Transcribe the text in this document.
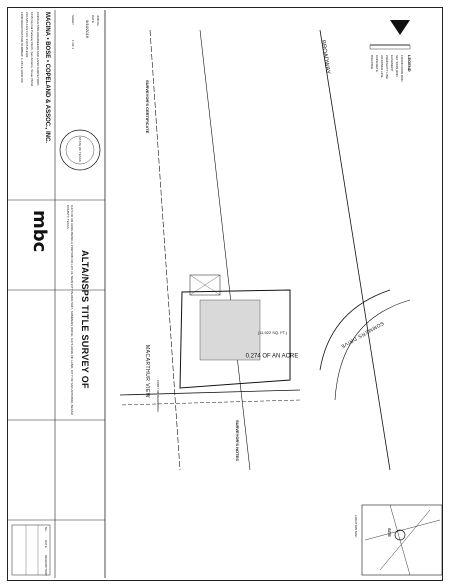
BROADWAY
SOMMERS DRIVE
MACARTHUR VIEW	0.274 OF AN ACRE
(11,922 SQ. FT.)
POINT OF BEGINNING
ALTA/NSPS TITLE SURVEY OF
0.274 OF AN ACRE BEING A PORTION OF LOT 31, NEW CITY BLOCK 5947, SOMMERS DRIVE, 0.274 ACRE OF LAND, CITY OF SAN ANTONIO, BEXAR COUNTY, TEXAS
LEGEND
FOUND IRON ROD
SET IRON ROD
EASEMENT
PROPERTY LINE
ADJOINER LINE
CONCRETE
BUILDING
SURVEYOR'S NOTES
SURVEYOR'S CERTIFICATE
MACINA • BOSE • COPELAND & ASSOC., INC.
CONSULTING ENGINEERS AND LAND SURVEYORS
1035 Central Parkway North, San Antonio, Texas 78232
210-545-1122 FAX: 210-545-9302
FIRM REGISTRATION NUMBER: F-784 & 10011700
mbc
STATE OF TEXAS
9/16/2019 JOB No.
DATE
SHEET
1 OF 1
SITE
LOCATION MAP
No.
DATE
DESCRIPTION
